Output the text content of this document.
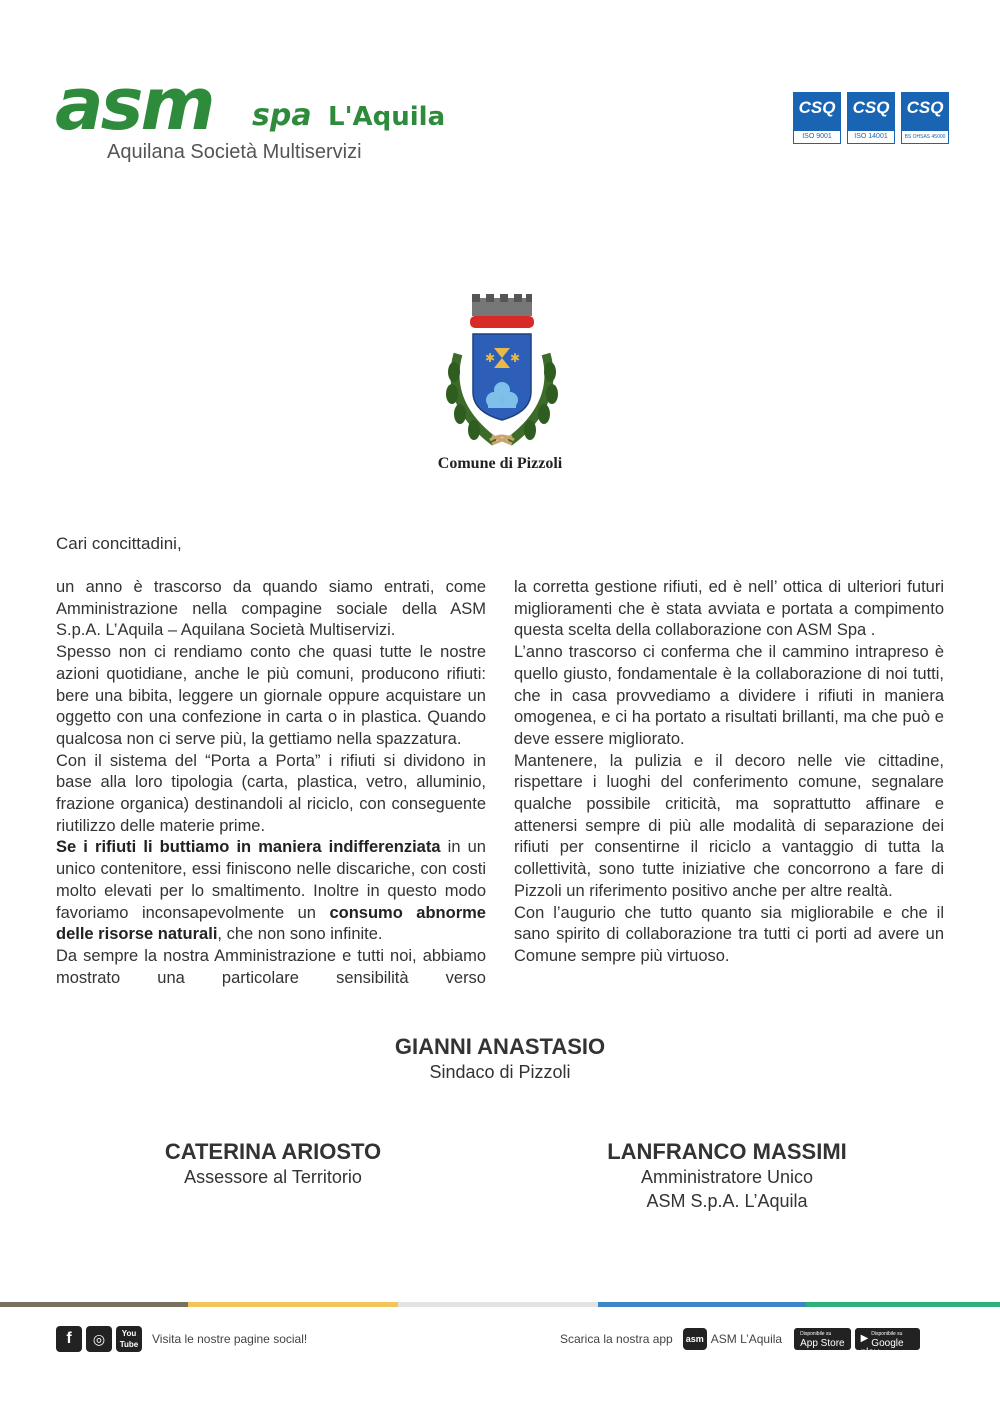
asm spa L'Aquila
Aquilana Società Multiservizi
CSQ
ISO 9001
CSQ
ISO 14001
CSQ
BS OHSAS 45000
✱ ✱
Comune di Pizzoli
Cari concittadini,

un anno è trascorso da quando siamo entrati, come Amministrazione nella compagine sociale della ASM S.p.A. L’Aquila – Aquilana Società Multiservizi.

Spesso non ci rendiamo conto che quasi tutte le nostre azioni quotidiane, anche le più comuni, producono rifiuti: bere una bibita, leggere un giornale oppure acquistare un oggetto con una confezione in carta o in plastica. Quando qualcosa non ci serve più, la gettiamo nella spazzatura.

Con il sistema del “Porta a Porta” i rifiuti si dividono in base alla loro tipologia (carta, plastica, vetro, alluminio, frazione organica) destinandoli al riciclo, con conseguente riutilizzo delle materie prime.

Se i rifiuti li buttiamo in maniera indifferenziata in un unico contenitore, essi finiscono nelle discariche, con costi molto elevati per lo smaltimento. Inoltre in questo modo favoriamo inconsapevolmente un consumo abnorme delle risorse naturali, che non sono infinite.

Da sempre la nostra Amministrazione e tutti noi, abbiamo mostrato una particolare sensibilità verso

la corretta gestione rifiuti, ed è nell’ ottica di ulteriori futuri miglioramenti che è stata avviata e portata a compimento questa scelta della collaborazione con ASM Spa .

L’anno trascorso ci conferma che il cammino intrapreso è quello giusto, fondamentale è la collaborazione di noi tutti, che in casa provvediamo a dividere i rifiuti in maniera omogenea, e ci ha portato a risultati brillanti, ma che può e deve essere migliorato.

Mantenere, la pulizia e il decoro nelle vie cittadine, rispettare i luoghi del conferimento comune, segnalare qualche possibile criticità, ma soprattutto affinare e attenersi sempre di più alle modalità di separazione dei rifiuti per consentirne il riciclo a vantaggio di tutta la collettività, sono tutte iniziative che concorrono a fare di Pizzoli un riferimento positivo anche per altre realtà.

Con l’augurio che tutto quanto sia migliorabile e che il sano spirito di collaborazione tra tutti ci porti ad avere un Comune sempre più virtuoso.

GIANNI ANASTASIO
Sindaco di Pizzoli
CATERINA ARIOSTO
Assessore al Territorio
LANFRANCO MASSIMI
Amministratore Unico
ASM S.p.A. L’Aquila
f	◎	You Tube	Visita le nostre pagine social!	Scarica la nostra app	asm ASM L’Aquila	Disponibile su
App Store	▶ Disponibile su
Google play
